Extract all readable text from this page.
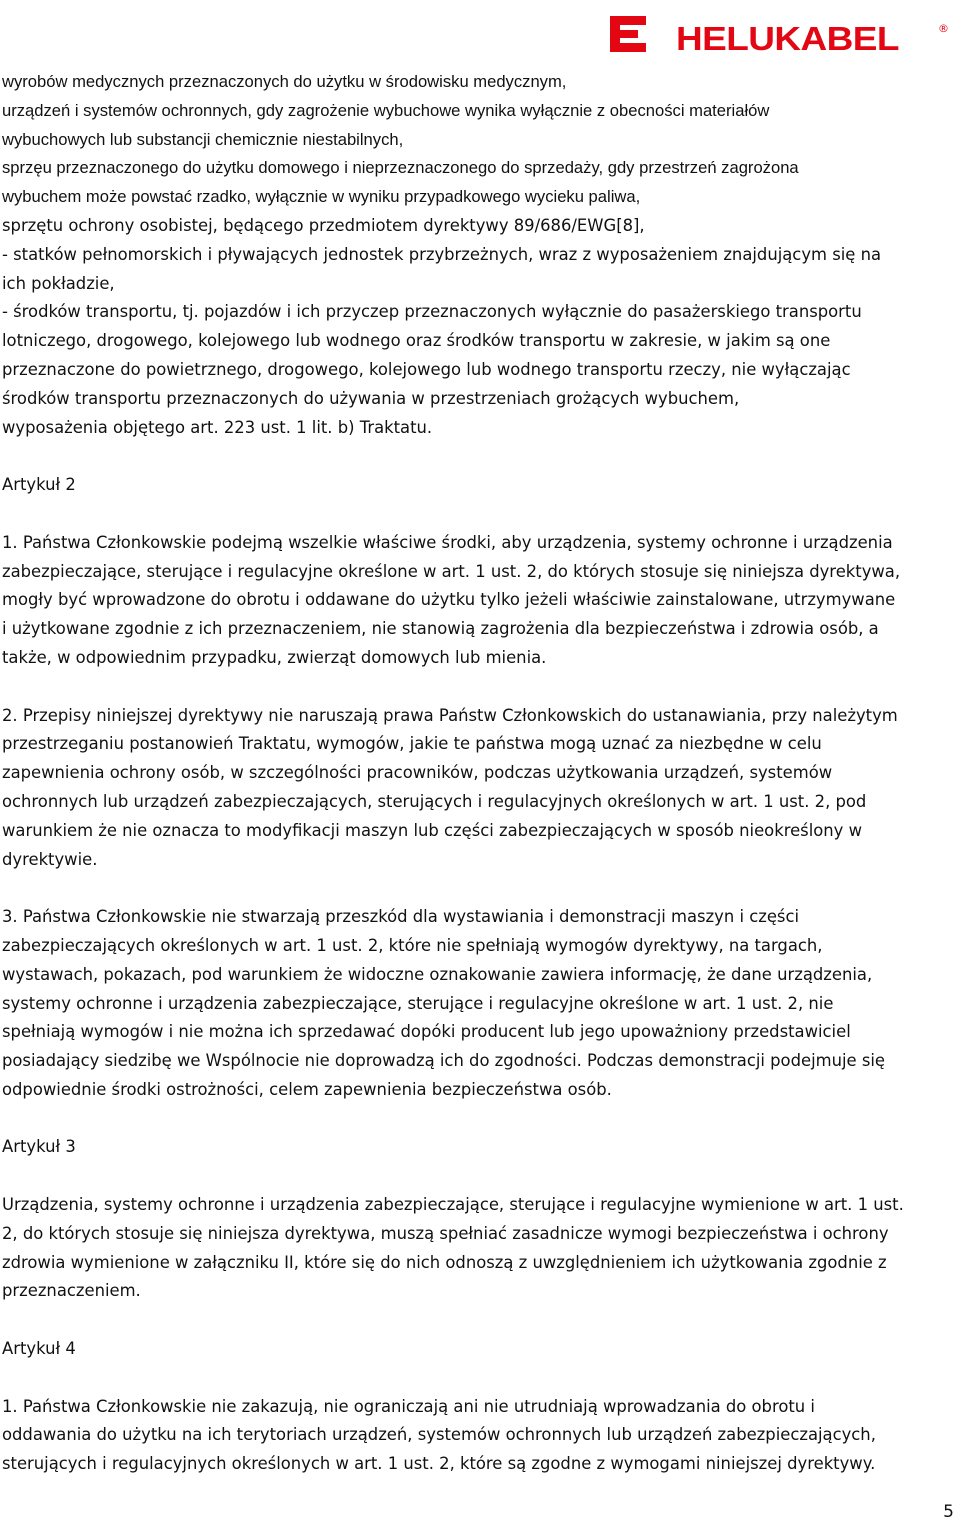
HELUKABEL	®
wyrobów medycznych przeznaczonych do użytku w środowisku medycznym,
urządzeń i systemów ochronnych, gdy zagrożenie wybuchowe wynika wyłącznie z obecności materiałów
wybuchowych lub substancji chemicznie niestabilnych,
sprzęu przeznaczonego do użytku domowego i nieprzeznaczonego do sprzedaży, gdy przestrzeń zagrożona
wybuchem może powstać rzadko, wyłącznie w wyniku przypadkowego wycieku paliwa,
sprzętu ochrony osobistej, będącego przedmiotem dyrektywy 89/686/EWG[8],
- statków pełnomorskich i pływających jednostek przybrzeżnych, wraz z wyposażeniem znajdującym się na
ich pokładzie,
- środków transportu, tj. pojazdów i ich przyczep przeznaczonych wyłącznie do pasażerskiego transportu
lotniczego, drogowego, kolejowego lub wodnego oraz środków transportu w zakresie, w jakim są one
przeznaczone do powietrznego, drogowego, kolejowego lub wodnego transportu rzeczy, nie wyłączając
środków transportu przeznaczonych do używania w przestrzeniach grożących wybuchem,
wyposażenia objętego art. 223 ust. 1 lit. b) Traktatu.
Artykuł 2
1. Państwa Członkowskie podejmą wszelkie właściwe środki, aby urządzenia, systemy ochronne i urządzenia
zabezpieczające, sterujące i regulacyjne określone w art. 1 ust. 2, do których stosuje się niniejsza dyrektywa,
mogły być wprowadzone do obrotu i oddawane do użytku tylko jeżeli właściwie zainstalowane, utrzymywane
i użytkowane zgodnie z ich przeznaczeniem, nie stanowią zagrożenia dla bezpieczeństwa i zdrowia osób, a
także, w odpowiednim przypadku, zwierząt domowych lub mienia.
2. Przepisy niniejszej dyrektywy nie naruszają prawa Państw Członkowskich do ustanawiania, przy należytym
przestrzeganiu postanowień Traktatu, wymogów, jakie te państwa mogą uznać za niezbędne w celu
zapewnienia ochrony osób, w szczególności pracowników, podczas użytkowania urządzeń, systemów
ochronnych lub urządzeń zabezpieczających, sterujących i regulacyjnych określonych w art. 1 ust. 2, pod
warunkiem że nie oznacza to modyfikacji maszyn lub części zabezpieczających w sposób nieokreślony w
dyrektywie.
3. Państwa Członkowskie nie stwarzają przeszkód dla wystawiania i demonstracji maszyn i części
zabezpieczających określonych w art. 1 ust. 2, które nie spełniają wymogów dyrektywy, na targach,
wystawach, pokazach, pod warunkiem że widoczne oznakowanie zawiera informację, że dane urządzenia,
systemy ochronne i urządzenia zabezpieczające, sterujące i regulacyjne określone w art. 1 ust. 2, nie
spełniają wymogów i nie można ich sprzedawać dopóki producent lub jego upoważniony przedstawiciel
posiadający siedzibę we Wspólnocie nie doprowadzą ich do zgodności. Podczas demonstracji podejmuje się
odpowiednie środki ostrożności, celem zapewnienia bezpieczeństwa osób.
Artykuł 3
Urządzenia, systemy ochronne i urządzenia zabezpieczające, sterujące i regulacyjne wymienione w art. 1 ust.
2, do których stosuje się niniejsza dyrektywa, muszą spełniać zasadnicze wymogi bezpieczeństwa i ochrony
zdrowia wymienione w załączniku II, które się do nich odnoszą z uwzględnieniem ich użytkowania zgodnie z
przeznaczeniem.
Artykuł 4
1. Państwa Członkowskie nie zakazują, nie ograniczają ani nie utrudniają wprowadzania do obrotu i
oddawania do użytku na ich terytoriach urządzeń, systemów ochronnych lub urządzeń zabezpieczających,
sterujących i regulacyjnych określonych w art. 1 ust. 2, które są zgodne z wymogami niniejszej dyrektywy.
5
